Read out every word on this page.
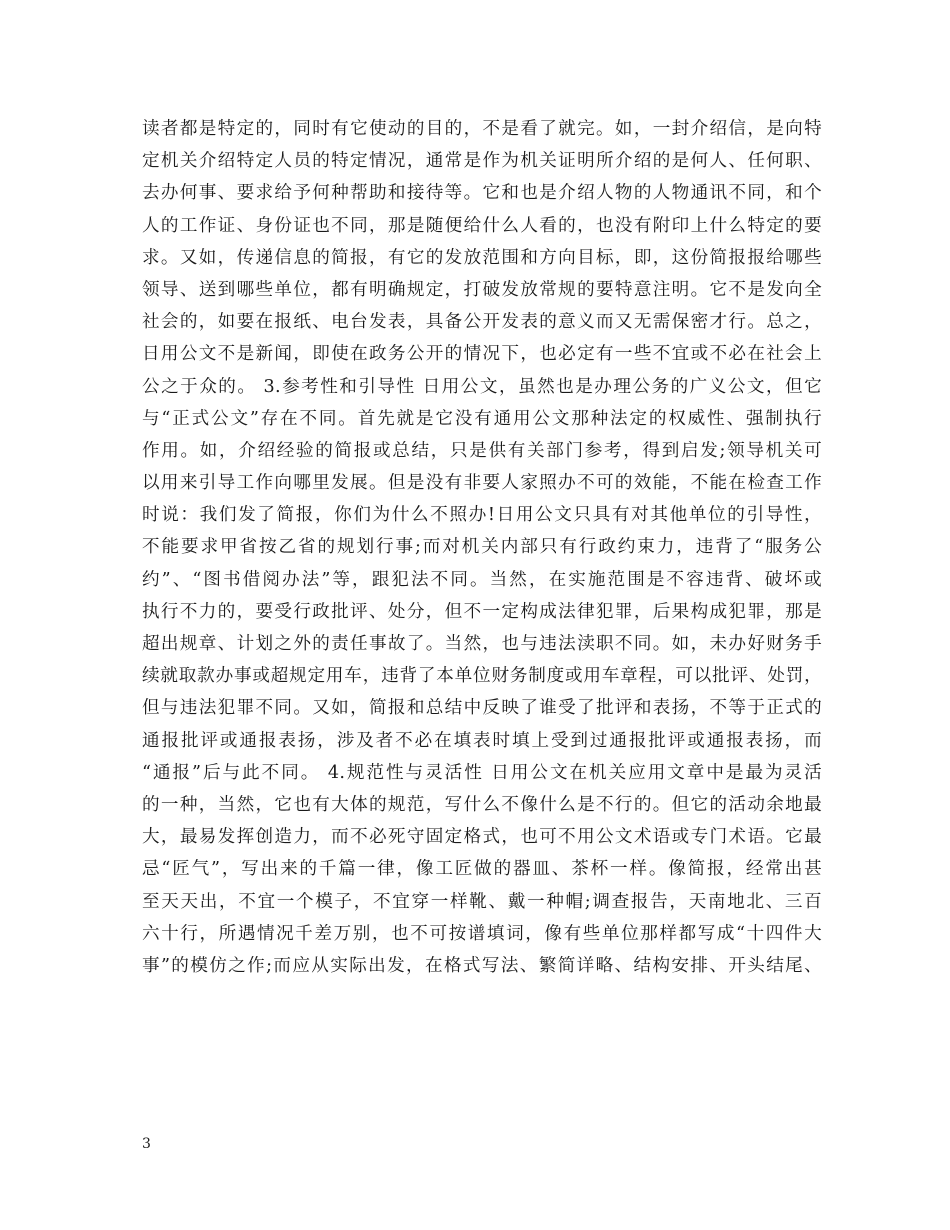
读者都是特定的，同时有它使动的目的，不是看了就完。如，一封介绍信，是向特
定机关介绍特定人员的特定情况，通常是作为机关证明所介绍的是何人、任何职、
去办何事、要求给予何种帮助和接待等。它和也是介绍人物的人物通讯不同，和个
人的工作证、身份证也不同，那是随便给什么人看的，也没有附印上什么特定的要
求。又如，传递信息的简报，有它的发放范围和方向目标，即，这份简报报给哪些
领导、送到哪些单位，都有明确规定，打破发放常规的要特意注明。它不是发向全
社会的，如要在报纸、电台发表，具备公开发表的意义而又无需保密才行。总之，
日用公文不是新闻，即使在政务公开的情况下，也必定有一些不宜或不必在社会上
公之于众的。 3.参考性和引导性 日用公文，虽然也是办理公务的广义公文，但它
与“正式公文”存在不同。首先就是它没有通用公文那种法定的权威性、强制执行
作用。如，介绍经验的简报或总结，只是供有关部门参考，得到启发;领导机关可
以用来引导工作向哪里发展。但是没有非要人家照办不可的效能，不能在检查工作
时说：我们发了简报，你们为什么不照办!日用公文只具有对其他单位的引导性，
不能要求甲省按乙省的规划行事;而对机关内部只有行政约束力，违背了“服务公
约”、“图书借阅办法”等，跟犯法不同。当然，在实施范围是不容违背、破坏或
执行不力的，要受行政批评、处分，但不一定构成法律犯罪，后果构成犯罪，那是
超出规章、计划之外的责任事故了。当然，也与违法渎职不同。如，未办好财务手
续就取款办事或超规定用车，违背了本单位财务制度或用车章程，可以批评、处罚，
但与违法犯罪不同。又如，简报和总结中反映了谁受了批评和表扬，不等于正式的
通报批评或通报表扬，涉及者不必在填表时填上受到过通报批评或通报表扬，而
“通报”后与此不同。 4.规范性与灵活性 日用公文在机关应用文章中是最为灵活
的一种，当然，它也有大体的规范，写什么不像什么是不行的。但它的活动余地最
大，最易发挥创造力，而不必死守固定格式，也可不用公文术语或专门术语。它最
忌“匠气”，写出来的千篇一律，像工匠做的器皿、茶杯一样。像简报，经常出甚
至天天出，不宜一个模子，不宜穿一样靴、戴一种帽;调查报告，天南地北、三百
六十行，所遇情况千差万别，也不可按谱填词，像有些单位那样都写成“十四件大
事”的模仿之作;而应从实际出发，在格式写法、繁简详略、结构安排、开头结尾、
3
